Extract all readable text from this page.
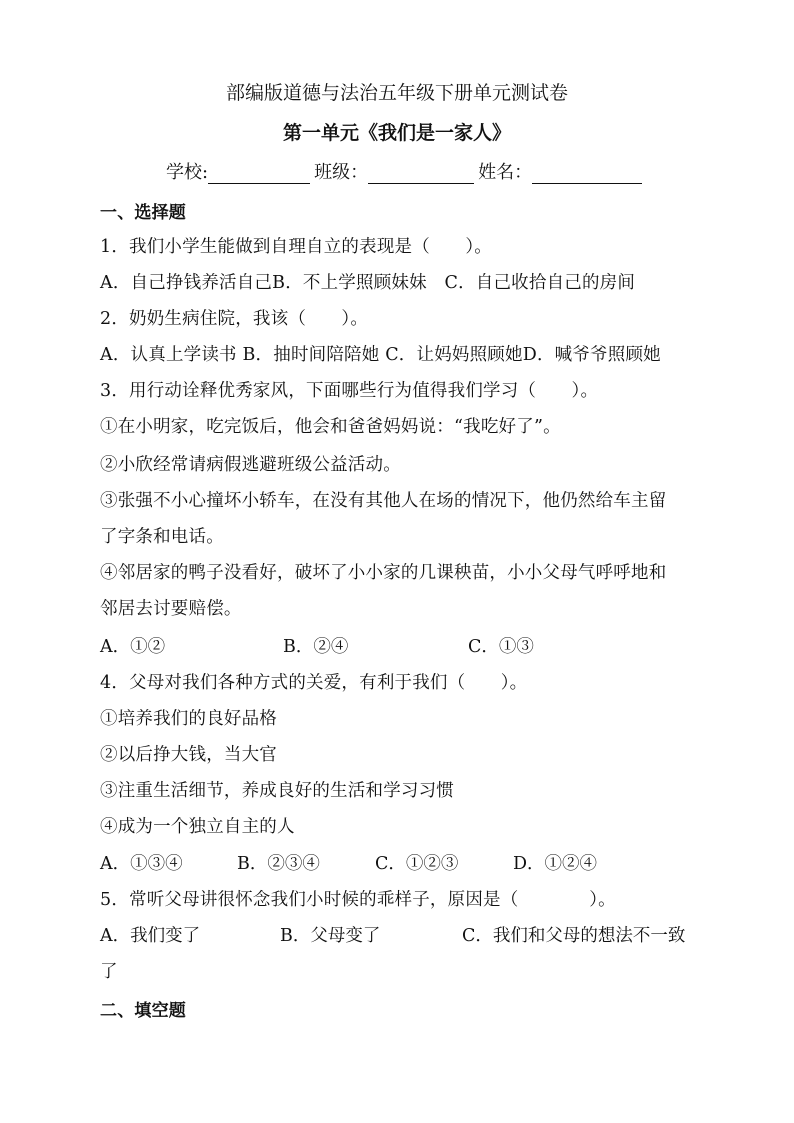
部编版道德与法治五年级下册单元测试卷
第一单元《我们是一家人》
学校:	班级：	姓名：
一、选择题
1．我们小学生能做到自理自立的表现是（　　）。
A．自己挣钱养活自己B．不上学照顾妹妹　C．自己收拾自己的房间
2．奶奶生病住院，我该（　　）。
A．认真上学读书 B．抽时间陪陪她 C．让妈妈照顾她D．喊爷爷照顾她
3．用行动诠释优秀家风，下面哪些行为值得我们学习（　　）。
①在小明家，吃完饭后，他会和爸爸妈妈说：“我吃好了”。
②小欣经常请病假逃避班级公益活动。
③张强不小心撞坏小轿车，在没有其他人在场的情况下，他仍然给车主留
了字条和电话。
④邻居家的鸭子没看好，破坏了小小家的几课秧苗，小小父母气呼呼地和
邻居去讨要赔偿。
A．①②	B．②④	C．①③
4．父母对我们各种方式的关爱，有利于我们（　　）。
①培养我们的良好品格
②以后挣大钱，当大官
③注重生活细节，养成良好的生活和学习习惯
④成为一个独立自主的人
A．①③④	B．②③④	C．①②③	D．①②④
5．常听父母讲很怀念我们小时候的乖样子，原因是（　　　　）。
A．我们变了	B．父母变了	C．我们和父母的想法不一致
了
二、填空题
